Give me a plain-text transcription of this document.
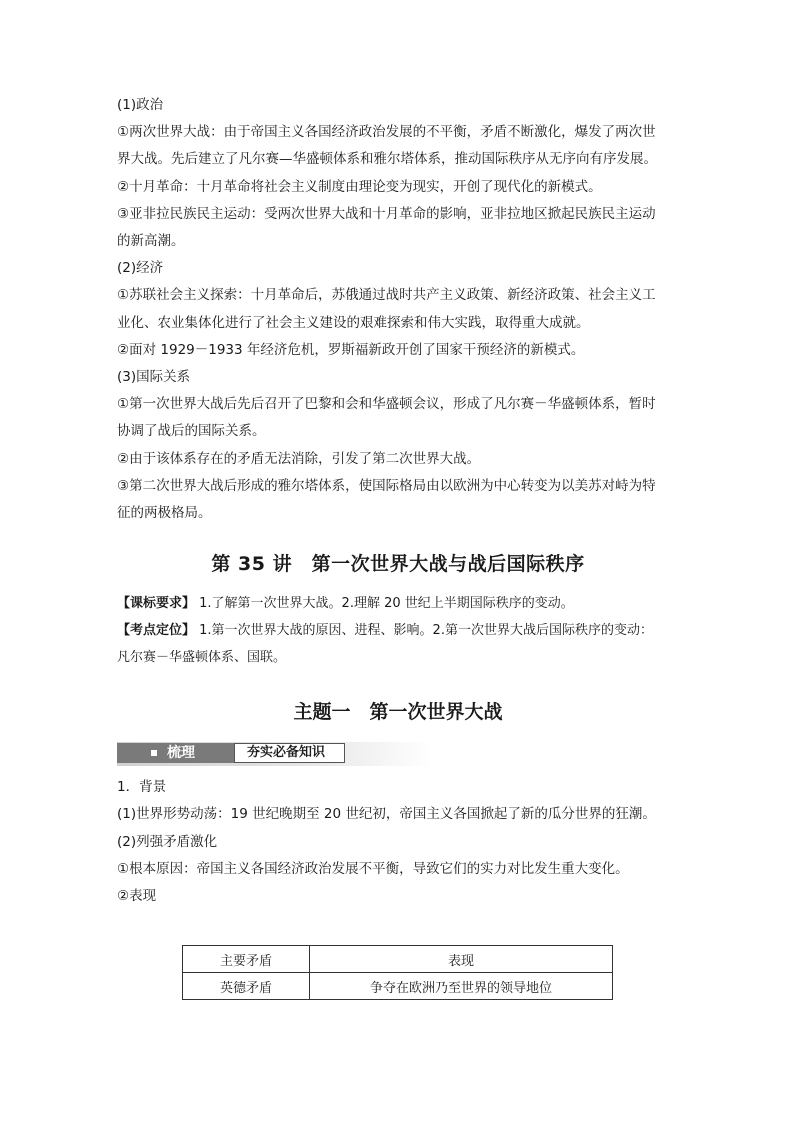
(1)政治
①两次世界大战：由于帝国主义各国经济政治发展的不平衡，矛盾不断激化，爆发了两次世
界大战。先后建立了凡尔赛—华盛顿体系和雅尔塔体系，推动国际秩序从无序向有序发展。
②十月革命：十月革命将社会主义制度由理论变为现实，开创了现代化的新模式。
③亚非拉民族民主运动：受两次世界大战和十月革命的影响，亚非拉地区掀起民族民主运动
的新高潮。
(2)经济
①苏联社会主义探索：十月革命后，苏俄通过战时共产主义政策、新经济政策、社会主义工
业化、农业集体化进行了社会主义建设的艰难探索和伟大实践，取得重大成就。
②面对 1929－1933 年经济危机，罗斯福新政开创了国家干预经济的新模式。
(3)国际关系
①第一次世界大战后先后召开了巴黎和会和华盛顿会议，形成了凡尔赛－华盛顿体系，暂时
协调了战后的国际关系。
②由于该体系存在的矛盾无法消除，引发了第二次世界大战。
③第二次世界大战后形成的雅尔塔体系，使国际格局由以欧洲为中心转变为以美苏对峙为特
征的两极格局。
第 35 讲　第一次世界大战与战后国际秩序
【课标要求】 1.了解第一次世界大战。2.理解 20 世纪上半期国际秩序的变动。
【考点定位】 1.第一次世界大战的原因、进程、影响。2.第一次世界大战后国际秩序的变动：
凡尔赛－华盛顿体系、国联。
主题一　第一次世界大战
梳理	夯实必备知识
1．背景
(1)世界形势动荡：19 世纪晚期至 20 世纪初，帝国主义各国掀起了新的瓜分世界的狂潮。
(2)列强矛盾激化
①根本原因：帝国主义各国经济政治发展不平衡，导致它们的实力对比发生重大变化。
②表现
主要矛盾	表现
英德矛盾	争夺在欧洲乃至世界的领导地位
